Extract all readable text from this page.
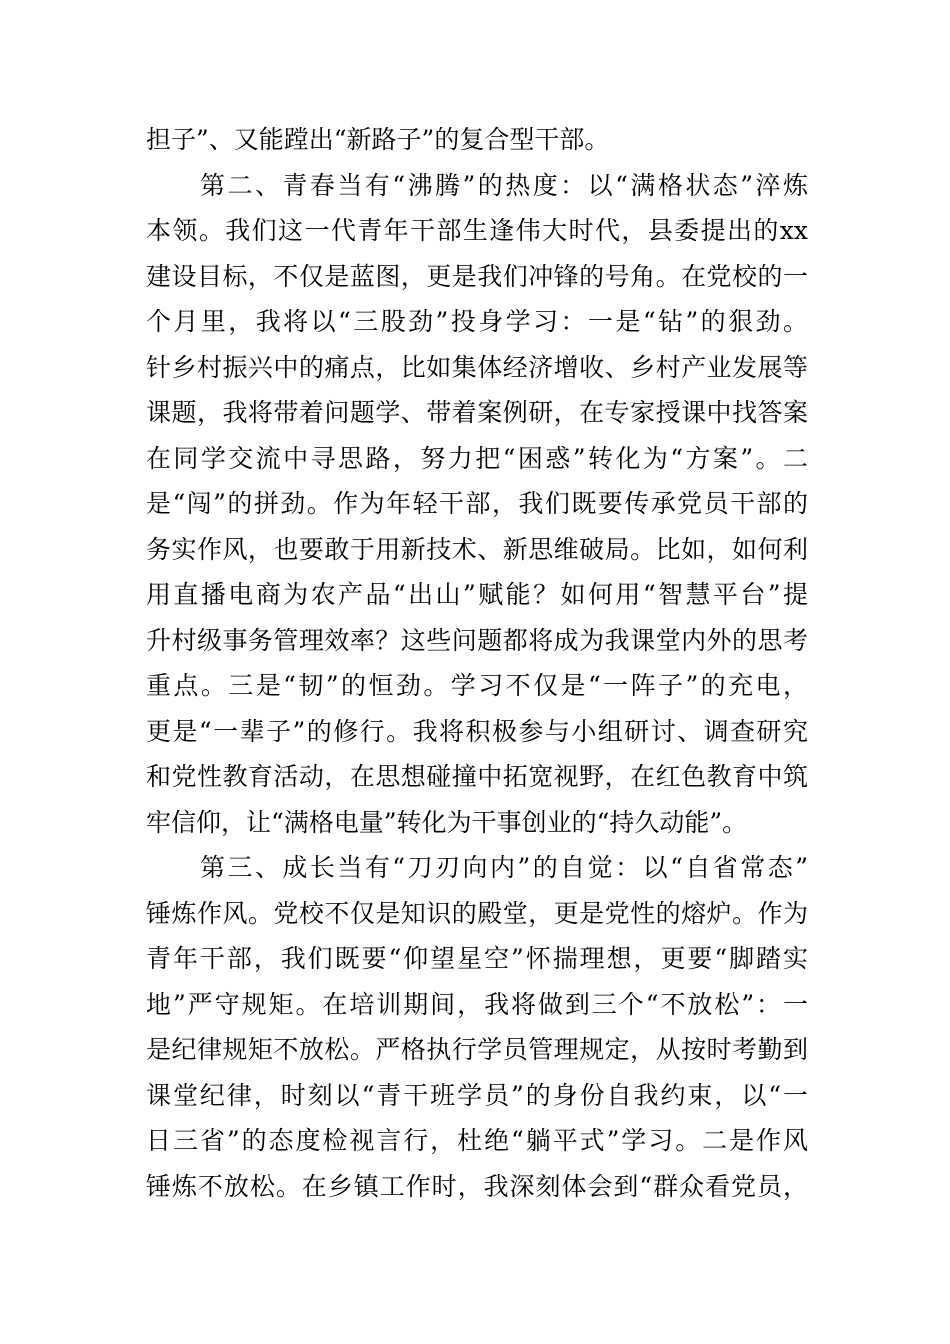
担子”、又能蹚出“新路子”的复合型干部。
第二、青春当有“沸腾”的热度：以“满格状态”淬炼
本领。我们这一代青年干部生逢伟大时代，县委提出的xx
建设目标，不仅是蓝图，更是我们冲锋的号角。在党校的一
个月里，我将以“三股劲”投身学习：一是“钻”的狠劲。
针乡村振兴中的痛点，比如集体经济增收、乡村产业发展等
课题，我将带着问题学、带着案例研，在专家授课中找答案
在同学交流中寻思路，努力把“困惑”转化为“方案”。二
是“闯”的拼劲。作为年轻干部，我们既要传承党员干部的
务实作风，也要敢于用新技术、新思维破局。比如，如何利
用直播电商为农产品“出山”赋能？如何用“智慧平台”提
升村级事务管理效率？这些问题都将成为我课堂内外的思考
重点。三是“韧”的恒劲。学习不仅是“一阵子”的充电，
更是“一辈子”的修行。我将积极参与小组研讨、调查研究
和党性教育活动，在思想碰撞中拓宽视野，在红色教育中筑
牢信仰，让“满格电量”转化为干事创业的“持久动能”。
第三、成长当有“刀刃向内”的自觉：以“自省常态”
锤炼作风。党校不仅是知识的殿堂，更是党性的熔炉。作为
青年干部，我们既要“仰望星空”怀揣理想，更要“脚踏实
地”严守规矩。在培训期间，我将做到三个“不放松”：一
是纪律规矩不放松。严格执行学员管理规定，从按时考勤到
课堂纪律，时刻以“青干班学员”的身份自我约束，以“一
日三省”的态度检视言行，杜绝“躺平式”学习。二是作风
锤炼不放松。在乡镇工作时，我深刻体会到“群众看党员，
